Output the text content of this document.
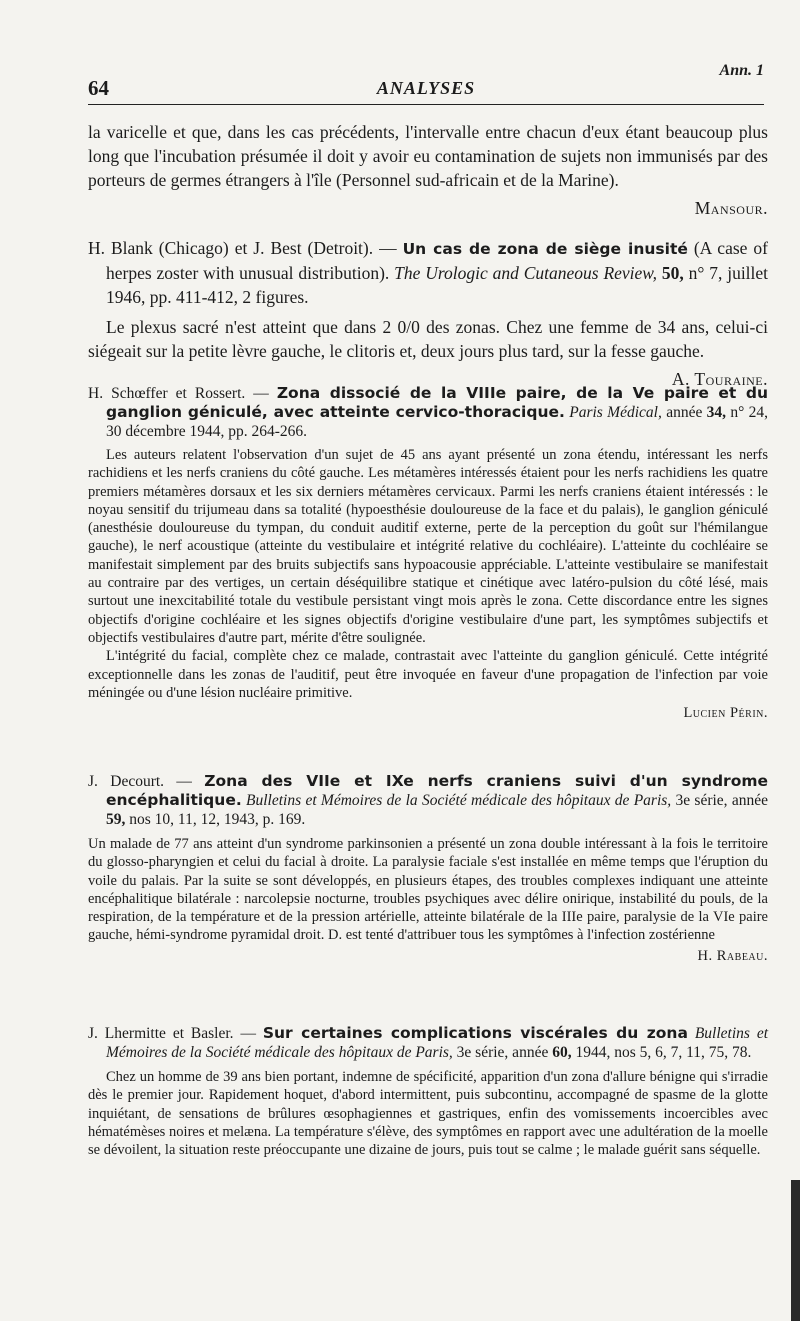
64	ANALYSES
Ann. 1

la varicelle et que, dans les cas précédents, l'intervalle entre chacun d'eux étant beaucoup plus long que l'incubation présumée il doit y avoir eu contamination de sujets non immunisés par des porteurs de germes étrangers à l'île (Personnel sud-africain et de la Marine).

Mansour.

H. Blank (Chicago) et J. Best (Detroit). — Un cas de zona de siège inusité (A case of herpes zoster with unusual distribution). The Urologic and Cutaneous Review, 50, n° 7, juillet 1946, pp. 411-412, 2 figures.

Le plexus sacré n'est atteint que dans 2 0/0 des zonas. Chez une femme de 34 ans, celui-ci siégeait sur la petite lèvre gauche, le clitoris et, deux jours plus tard, sur la fesse gauche.

A. Touraine.

H. Schœffer et Rossert. — Zona dissocié de la VIIIe paire, de la Ve paire et du ganglion géniculé, avec atteinte cervico-thoracique. Paris Médical, année 34, n° 24, 30 décembre 1944, pp. 264-266.

Les auteurs relatent l'observation d'un sujet de 45 ans ayant présenté un zona étendu, intéressant les nerfs rachidiens et les nerfs craniens du côté gauche. Les métamères intéressés étaient pour les nerfs rachidiens les quatre premiers métamères dorsaux et les six derniers métamères cervicaux. Parmi les nerfs craniens étaient intéressés : le noyau sensitif du trijumeau dans sa totalité (hypoesthésie douloureuse de la face et du palais), le ganglion géniculé (anesthésie douloureuse du tympan, du conduit auditif externe, perte de la perception du goût sur l'hémilangue gauche), le nerf acoustique (atteinte du vestibulaire et intégrité relative du cochléaire). L'atteinte du cochléaire se manifestait simplement par des bruits subjectifs sans hypoacousie appréciable. L'atteinte vestibulaire se manifestait au contraire par des vertiges, un certain déséquilibre statique et cinétique avec latéro-pulsion du côté lésé, mais surtout une inexcitabilité totale du vestibule persistant vingt mois après le zona. Cette discordance entre les signes objectifs d'origine cochléaire et les signes objectifs d'origine vestibulaire d'une part, les symptômes subjectifs et objectifs vestibulaires d'autre part, mérite d'être soulignée.

L'intégrité du facial, complète chez ce malade, contrastait avec l'atteinte du ganglion géniculé. Cette intégrité exceptionnelle dans les zonas de l'auditif, peut être invoquée en faveur d'une propagation de l'infection par voie méningée ou d'une lésion nucléaire primitive.

Lucien Périn.

J. Decourt. — Zona des VIIe et IXe nerfs craniens suivi d'un syndrome encéphalitique. Bulletins et Mémoires de la Société médicale des hôpitaux de Paris, 3e série, année 59, nos 10, 11, 12, 1943, p. 169.

Un malade de 77 ans atteint d'un syndrome parkinsonien a présenté un zona double intéressant à la fois le territoire du glosso-pharyngien et celui du facial à droite. La paralysie faciale s'est installée en même temps que l'éruption du voile du palais. Par la suite se sont développés, en plusieurs étapes, des troubles complexes indiquant une atteinte encéphalitique bilatérale : narcolepsie nocturne, troubles psychiques avec délire onirique, instabilité du pouls, de la respiration, de la température et de la pression artérielle, atteinte bilatérale de la IIIe paire, paralysie de la VIe paire gauche, hémi-syndrome pyramidal droit. D. est tenté d'attribuer tous les symptômes à l'infection zostérienne

H. Rabeau.

J. Lhermitte et Basler. — Sur certaines complications viscérales du zona Bulletins et Mémoires de la Société médicale des hôpitaux de Paris, 3e série, année 60, 1944, nos 5, 6, 7, 11, 75, 78.

Chez un homme de 39 ans bien portant, indemne de spécificité, apparition d'un zona d'allure bénigne qui s'irradie dès le premier jour. Rapidement hoquet, d'abord intermittent, puis subcontinu, accompagné de spasme de la glotte inquiétant, de sensations de brûlures œsophagiennes et gastriques, enfin des vomissements incoercibles avec hématémèses noires et melæna. La température s'élève, des symptômes en rapport avec une adultération de la moelle se dévoilent, la situation reste préoccupante une dizaine de jours, puis tout se calme ; le malade guérit sans séquelle.
